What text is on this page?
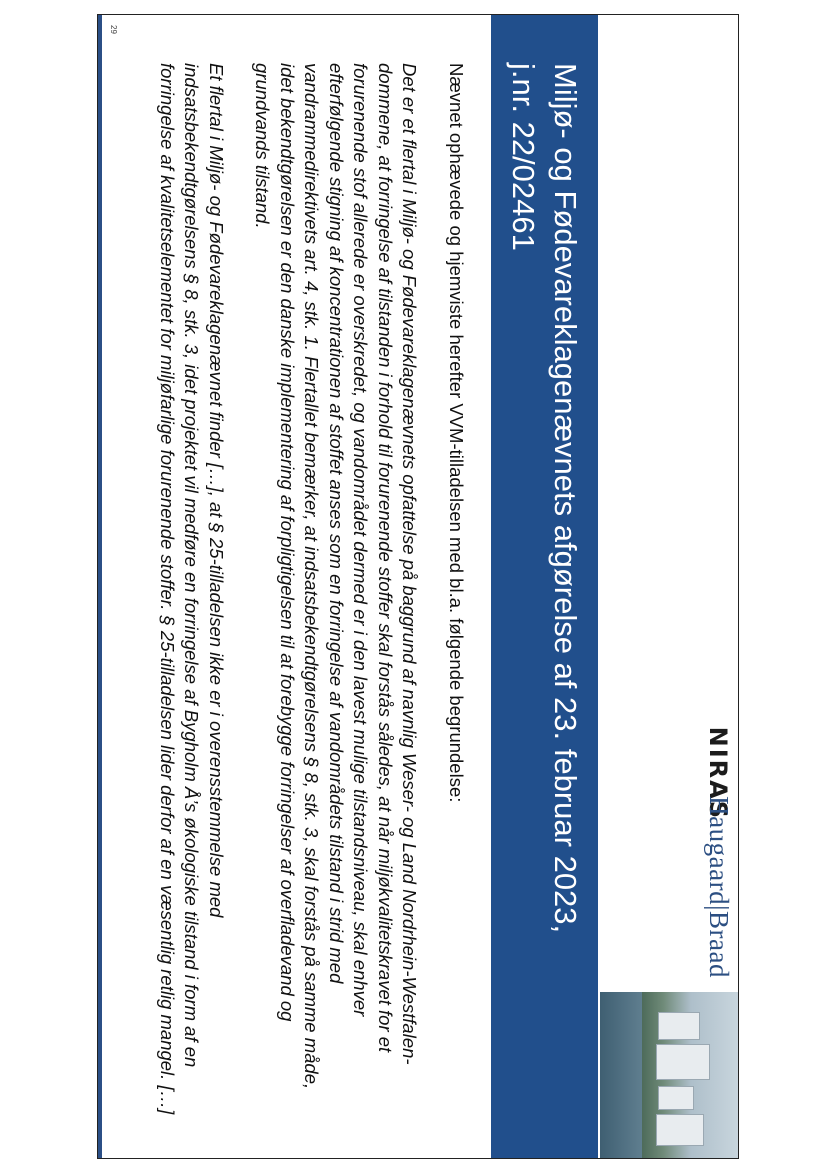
NIRAS
Haugaard|Braad
Miljø- og Fødevareklagenævnets afgørelse af 23. februar 2023,
j.nr. 22/02461

Nævnet ophævede og hjemviste herefter VVM-tilladelsen med bl.a. følgende begrundelse:

Det er et flertal i Miljø- og Fødevareklagenævnets opfattelse på baggrund af navnlig Weser- og Land Nordrhein-Westfalen-dommene, at forringelse af tilstanden i forhold til forurenende stoffer skal forstås således, at når miljøkvalitetskravet for et forurenende stof allerede er overskredet, og vandområdet dermed er i den lavest mulige tilstandsniveau, skal enhver efterfølgende stigning af koncentrationen af stoffet anses som en forringelse af vandområdets tilstand i strid med vandrammedirektivets art. 4, stk. 1. Flertallet bemærker, at indsatsbekendtgørelsens § 8, stk. 3, skal forstås på samme måde, idet bekendtgørelsen er den danske implementering af forpligtigelsen til at forebygge forringelser af overfladevand og grundvands tilstand.

Et flertal i Miljø- og Fødevareklagenævnet finder […], at § 25-tilladelsen ikke er i overensstemmelse med indsatsbekendtgørelsens § 8, stk. 3, idet projektet vil medføre en forringelse af Bygholm Å’s økologiske tilstand i form af en forringelse af kvalitetselementet for miljøfarlige forurenende stoffer. § 25-tilladelsen lider derfor af en væsentlig retlig mangel. […]

29
